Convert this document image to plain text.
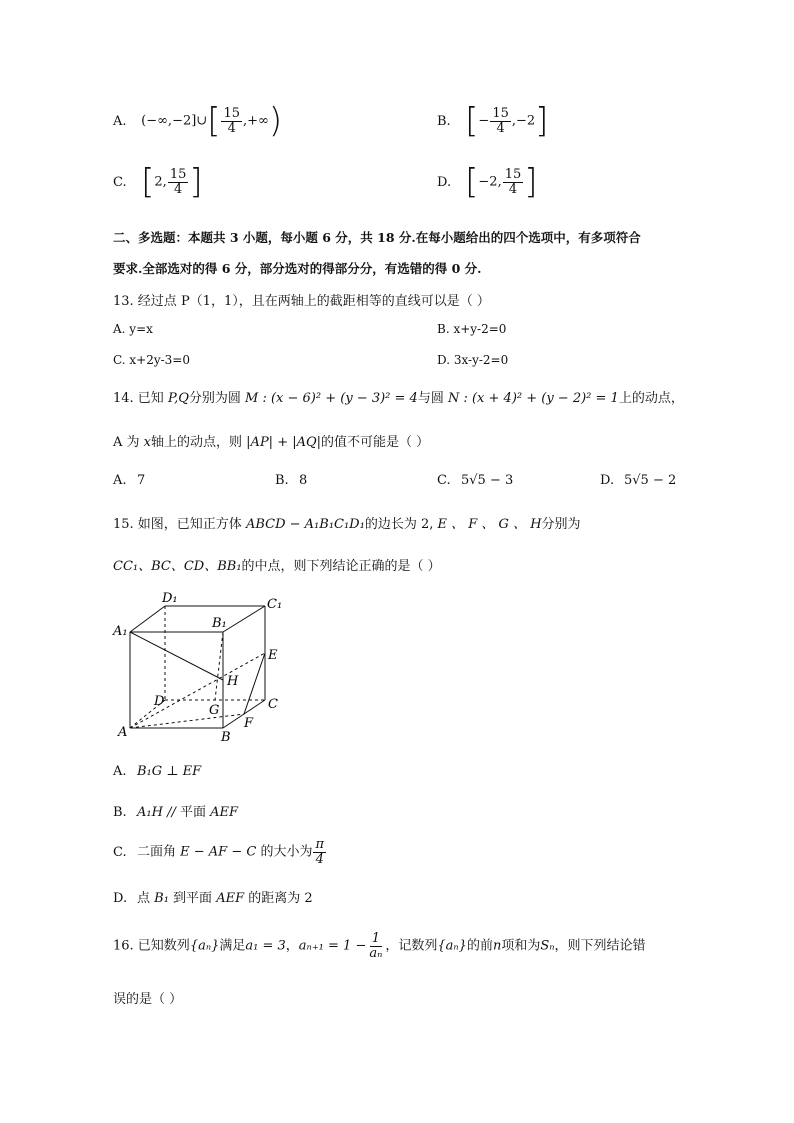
A. (−∞,−2]∪[ $\frac{15}{4}$ ,+∞)	B. [− $\frac{15}{4} ,-2$]
C. [2, $\frac{15}{4}$ ]	D. [−2, $\frac{15}{4}$ ]
二、多选题：本题共 3 小题，每小题 6 分，共 18 分.在每小题给出的四个选项中，有多项符合
要求.全部选对的得 6 分，部分选对的得部分分，有选错的得 0 分.
13. 经过点 P（1，1），且在两轴上的截距相等的直线可以是（ ）
A. y=x	B. x+y-2=0
C. x+2y-3=0	D. 3x-y-2=0
14. 已知 P,Q分别为圆 M : (x − 6)² + (y − 3)² = 4与圆 N : (x + 4)² + (y − 2)² = 1上的动点，
A 为 x轴上的动点，则 |AP| + |AQ|的值不可能是（ ）
A. 7	B. 8	C. 5√5 − 3	D. 5√5 − 2
15. 如图，已知正方体 ABCD − A₁B₁C₁D₁的边长为 2, E 、 F 、 G 、 H分别为
CC₁、BC、CD、BB₁的中点，则下列结论正确的是（ ）
D₁	C₁
A₁
B₁
E
H
D	C
G
F
A	B
A. B₁G ⊥ EF
B. A₁H // 平面 AEF
C. 二面角 E − AF − C 的大小为 $\frac{\pi}{4}$
D. 点 B₁ 到平面 AEF 的距离为 2
16. 已知数列{aₙ}满足a₁ = 3，$a_{n+1} = 1 - \frac{1}{\text{aₙ}}$ ，记数列{aₙ}的前n项和为Sₙ，则下列结论错
误的是（ ）
